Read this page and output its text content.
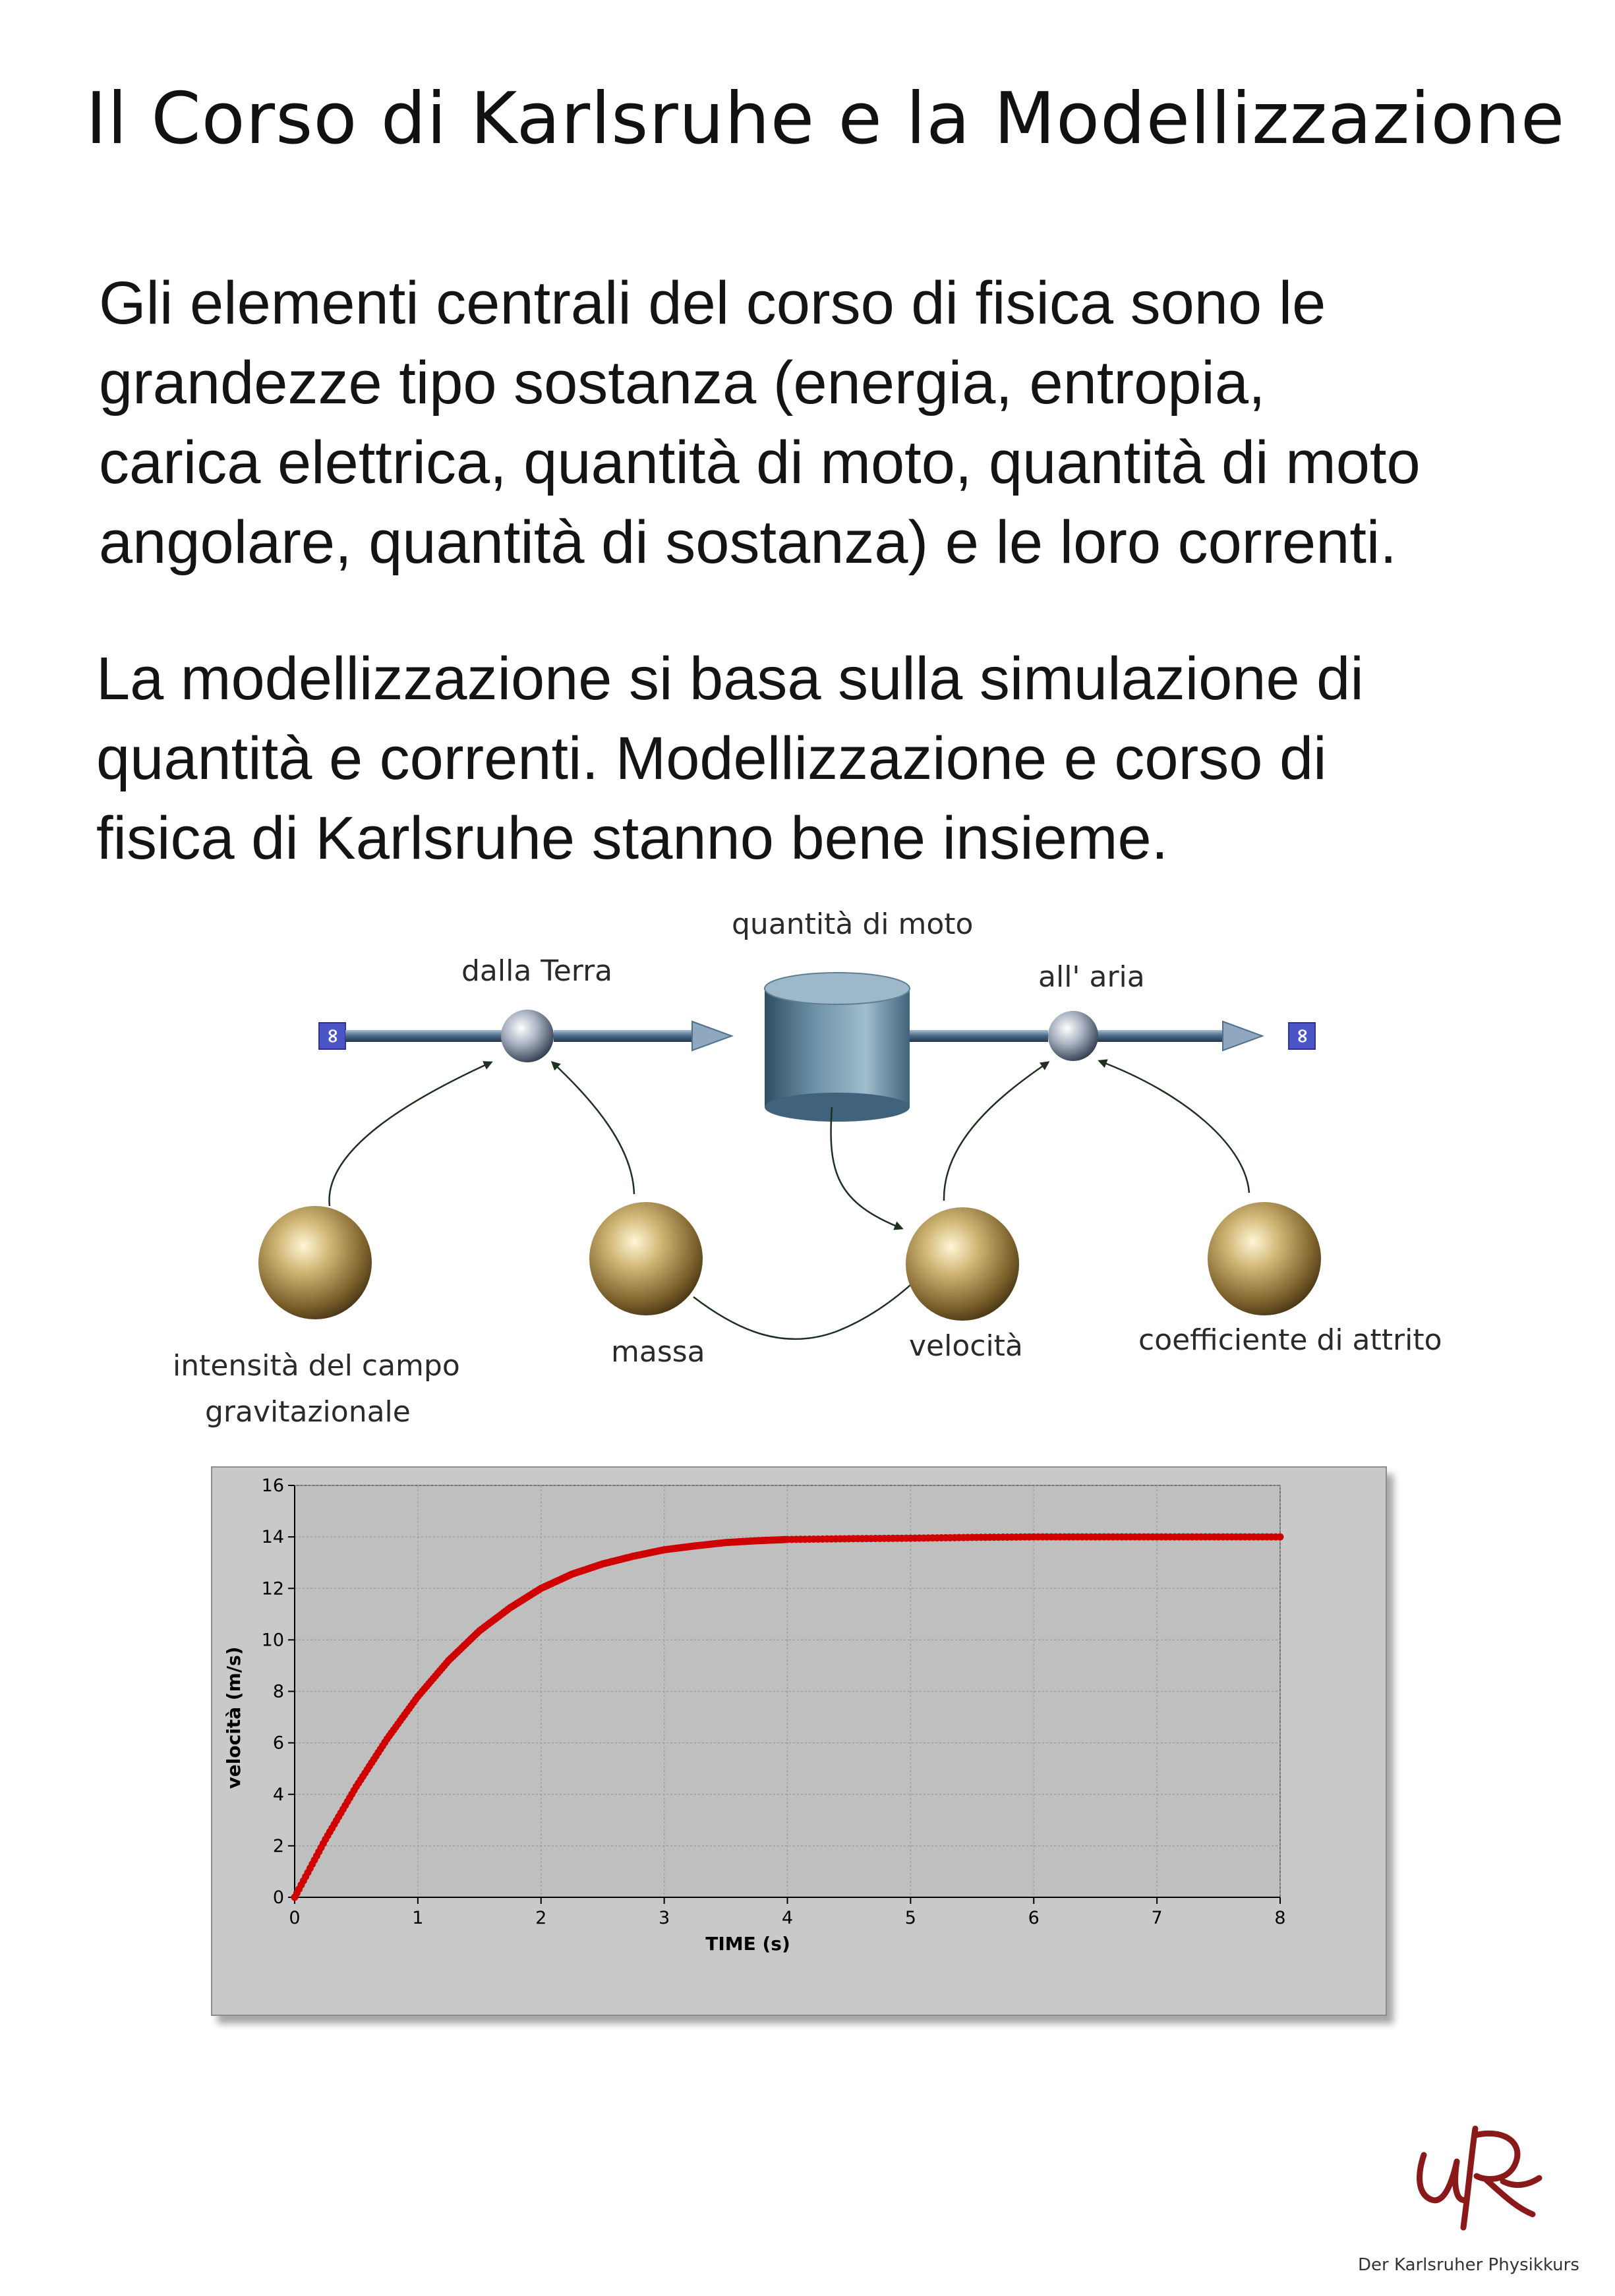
Il Corso di Karlsruhe e la Modellizzazione

Gli elementi centrali del corso di fisica sono le
grandezze tipo sostanza (energia, entropia,
carica elettrica, quantità di moto, quantità di moto
angolare, quantità di sostanza) e le loro correnti.

La modellizzazione si basa sulla simulazione di
quantità e correnti. Modellizzazione e corso di
fisica di Karlsruhe stanno bene insieme.

quantità di moto
dalla Terra	all' aria
∞	∞
intensità del campo
gravitazionale
massa	velocità	coefficiente di attrito
0
2
4
6
8
10
12
14
16
0	1	2	3	4	5	6	7	8
TIME (s)
velocità (m/s)
Der Karlsruher Physikkurs
